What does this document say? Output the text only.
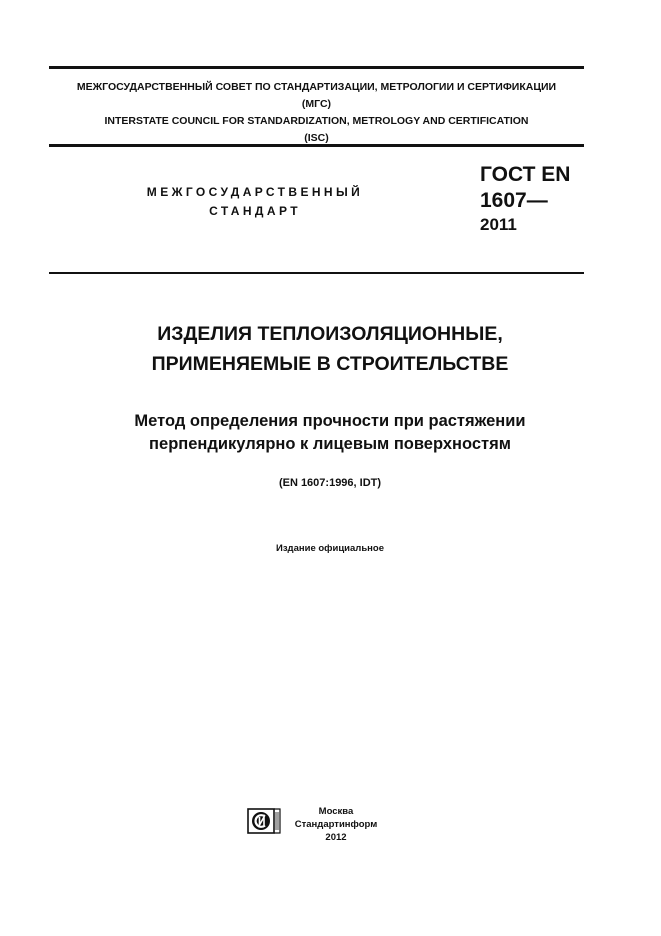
МЕЖГОСУДАРСТВЕННЫЙ СОВЕТ ПО СТАНДАРТИЗАЦИИ, МЕТРОЛОГИИ И СЕРТИФИКАЦИИ
(МГС)
INTERSTATE COUNCIL FOR STANDARDIZATION, METROLOGY AND CERTIFICATION
(ISC)
МЕЖГОСУДАРСТВЕННЫЙ
СТАНДАРТ
ГОСТ EN
1607—
2011
ИЗДЕЛИЯ ТЕПЛОИЗОЛЯЦИОННЫЕ,
ПРИМЕНЯЕМЫЕ В СТРОИТЕЛЬСТВЕ
Метод определения прочности при растяжении
перпендикулярно к лицевым поверхностям
(EN 1607:1996, IDT)
Издание официальное
Москва
Стандартинформ
2012
